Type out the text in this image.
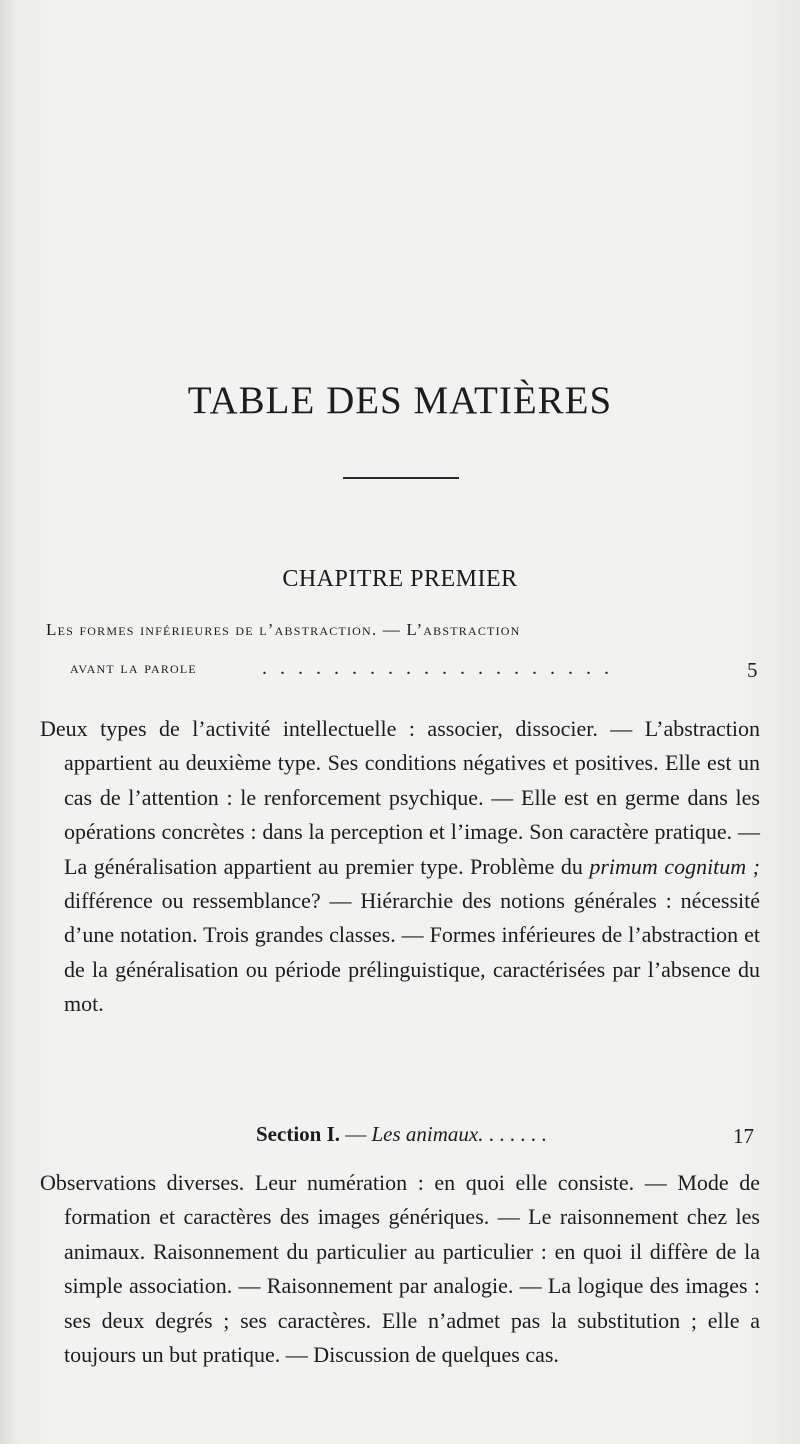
TABLE DES MATIÈRES
CHAPITRE PREMIER
Les formes inférieures de l’abstraction. — L’abstraction
avant la parole	. . . . . . . . . . . . . . . . . . . .	5
Deux types de l’activité intellectuelle : associer, dissocier. — L’abstraction appartient au deuxième type. Ses conditions négatives et positives. Elle est un cas de l’attention : le renforcement psychique. — Elle est en germe dans les opérations concrètes : dans la perception et l’image. Son caractère pratique. — La généralisation appartient au premier type. Problème du primum cognitum ; différence ou ressemblance? — Hiérarchie des notions générales : nécessité d’une notation. Trois grandes classes. — Formes inférieures de l’abstraction et de la généralisation ou période prélinguistique, caractérisées par l’absence du mot.
Section I. — Les animaux. . . . . . .	17
Observations diverses. Leur numération : en quoi elle consiste. — Mode de formation et caractères des images génériques. — Le raisonnement chez les animaux. Raisonnement du particulier au particulier : en quoi il diffère de la simple association. — Raisonnement par analogie. — La logique des images : ses deux degrés ; ses caractères. Elle n’admet pas la substitution ; elle a toujours un but pratique. — Discussion de quelques cas.
